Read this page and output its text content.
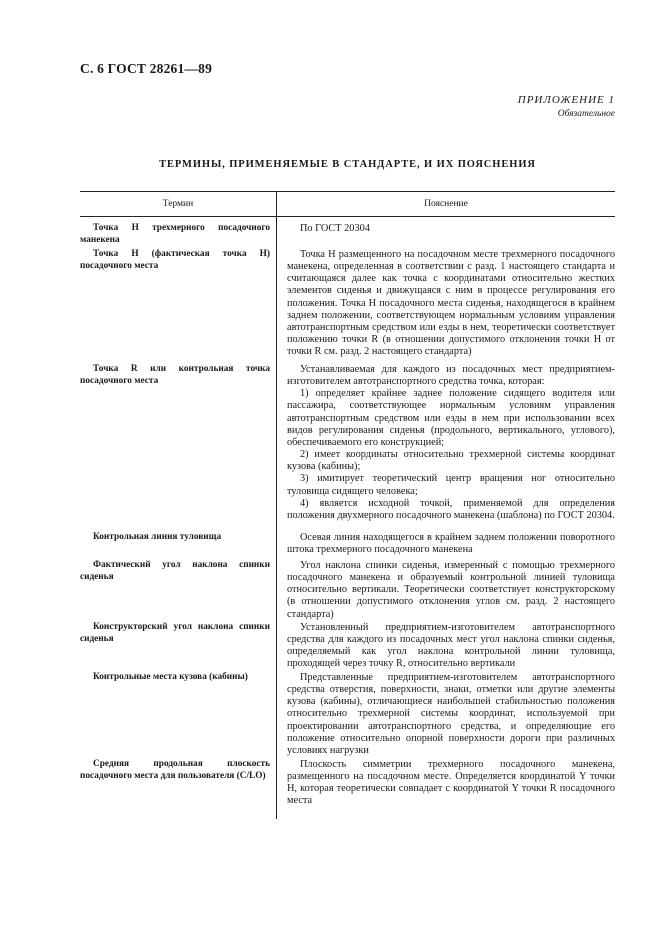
С. 6 ГОСТ 28261—89
ПРИЛОЖЕНИЕ 1
Обязательное
ТЕРМИНЫ, ПРИМЕНЯЕМЫЕ В СТАНДАРТЕ, И ИХ ПОЯСНЕНИЯ
Термин	Пояснение
Точка H трехмерного посадочного манекена	По ГОСТ 20304

Точка H (фактическая точка H) посадочного места	Точка H размещенного на посадочном месте трехмерного посадочного манекена, определенная в соответствии с разд. 1 настоящего стандарта и считающаяся далее как точка с координатами относительно жестких элементов сиденья и движущаяся с ним в процессе регулирования его положения. Точка H посадочного места сиденья, находящегося в крайнем заднем положении, соответствующем нормальным условиям управления автотранспортным средством или езды в нем, теоретически соответствует положению точки R (в отношении допустимого отклонения точки H от точки R см. разд. 2 настоящего стандарта)

Точка R или контрольная точка посадочного места	Устанавливаемая для каждого из посадочных мест предприятием-изготовителем автотранспортного средства точка, которая:

1) определяет крайнее заднее положение сидящего водителя или пассажира, соответствующее нормальным условиям управления автотранспортным средством или езды в нем при использовании всех видов регулирования сиденья (продольного, вертикального, углового), обеспечиваемого его конструкцией;

2) имеет координаты относительно трехмерной системы координат кузова (кабины);

3) имитирует теоретический центр вращения ног относительно туловища сидящего человека;

4) является исходной точкой, применяемой для определения положения двухмерного посадочного манекена (шаблона) по ГОСТ 20304.

Контрольная линия туловища	Осевая линия находящегося в крайнем заднем положении поворотного штока трехмерного посадочного манекена

Фактический угол наклона спинки сиденья	Угол наклона спинки сиденья, измеренный с помощью трехмерного посадочного манекена и образуемый контрольной линией туловища относительно вертикали. Теоретически соответствует конструкторскому (в отношении допустимого отклонения углов см. разд. 2 настоящего стандарта)

Конструкторский угол наклона спинки сиденья	Установленный предприятием-изготовителем автотранспортного средства для каждого из посадочных мест угол наклона спинки сиденья, определяемый как угол наклона контрольной линии туловища, проходящей через точку R, относительно вертикали

Контрольные места кузова (кабины)	Представленные предприятием-изготовителем автотранспортного средства отверстия, поверхности, знаки, отметки или другие элементы кузова (кабины), отличающиеся наибольшей стабильностью положения относительно трехмерной системы координат, используемой при проектировании автотранспортного средства, и определяющие его положение относительно опорной поверхности дороги при различных условиях нагрузки

Средняя продольная плоскость посадочного места для пользователя (C/LO)	Плоскость симметрии трехмерного посадочного манекена, размещенного на посадочном месте. Определяется координатой Y точки H, которая теоретически совпадает с координатой Y точки R посадочного места
